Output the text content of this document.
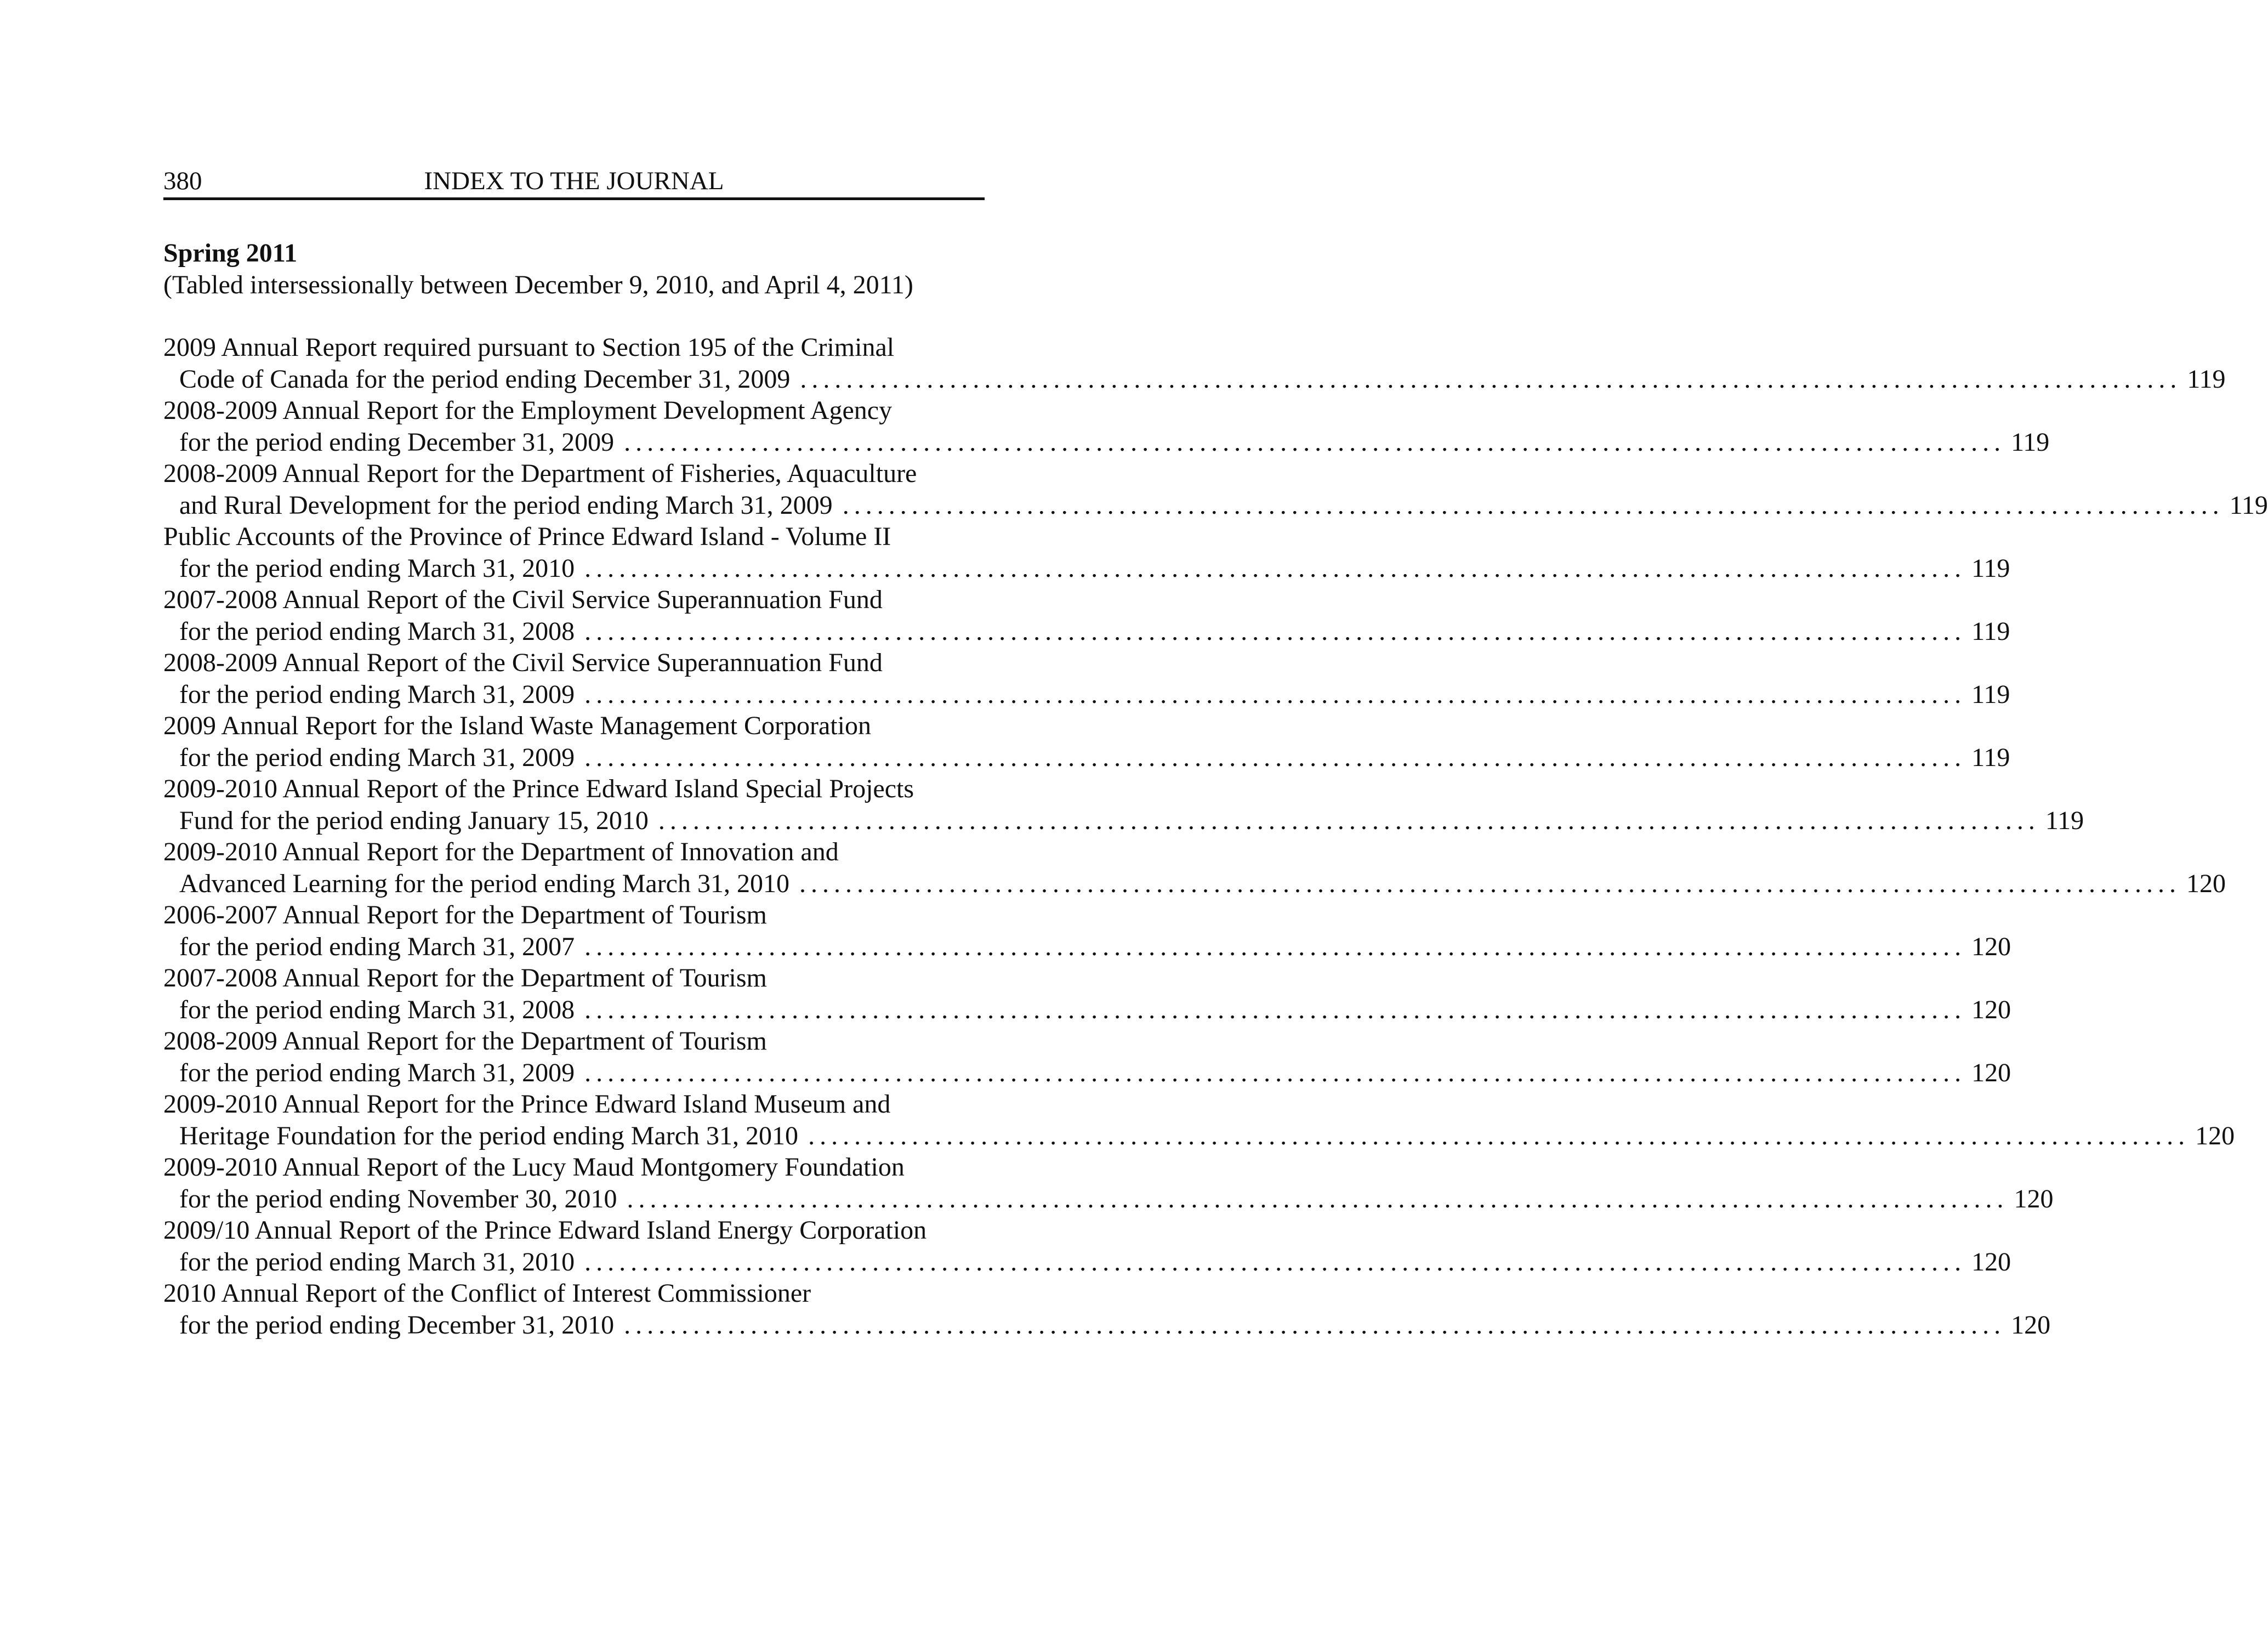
380	INDEX TO THE JOURNAL

Spring 2011

(Tabled intersessionally between December 9, 2010, and April 4, 2011)

2009 Annual Report required pursuant to Section 195 of the Criminal
Code of Canada for the period ending December 31, 2009 ........................................................................................................................ 119
2008-2009 Annual Report for the Employment Development Agency
for the period ending December 31, 2009 ........................................................................................................................ 119
2008-2009 Annual Report for the Department of Fisheries, Aquaculture
and Rural Development for the period ending March 31, 2009 ........................................................................................................................ 119
Public Accounts of the Province of Prince Edward Island - Volume II
for the period ending March 31, 2010 ........................................................................................................................ 119
2007-2008 Annual Report of the Civil Service Superannuation Fund
for the period ending March 31, 2008 ........................................................................................................................ 119
2008-2009 Annual Report of the Civil Service Superannuation Fund
for the period ending March 31, 2009 ........................................................................................................................ 119
2009 Annual Report for the Island Waste Management Corporation
for the period ending March 31, 2009 ........................................................................................................................ 119
2009-2010 Annual Report of the Prince Edward Island Special Projects
Fund for the period ending January 15, 2010 ........................................................................................................................ 119
2009-2010 Annual Report for the Department of Innovation and
Advanced Learning for the period ending March 31, 2010 ........................................................................................................................ 120
2006-2007 Annual Report for the Department of Tourism
for the period ending March 31, 2007 ........................................................................................................................ 120
2007-2008 Annual Report for the Department of Tourism
for the period ending March 31, 2008 ........................................................................................................................ 120
2008-2009 Annual Report for the Department of Tourism
for the period ending March 31, 2009 ........................................................................................................................ 120
2009-2010 Annual Report for the Prince Edward Island Museum and
Heritage Foundation for the period ending March 31, 2010 ........................................................................................................................ 120
2009-2010 Annual Report of the Lucy Maud Montgomery Foundation
for the period ending November 30, 2010 ........................................................................................................................ 120
2009/10 Annual Report of the Prince Edward Island Energy Corporation
for the period ending March 31, 2010 ........................................................................................................................ 120
2010 Annual Report of the Conflict of Interest Commissioner
for the period ending December 31, 2010 ........................................................................................................................ 120
